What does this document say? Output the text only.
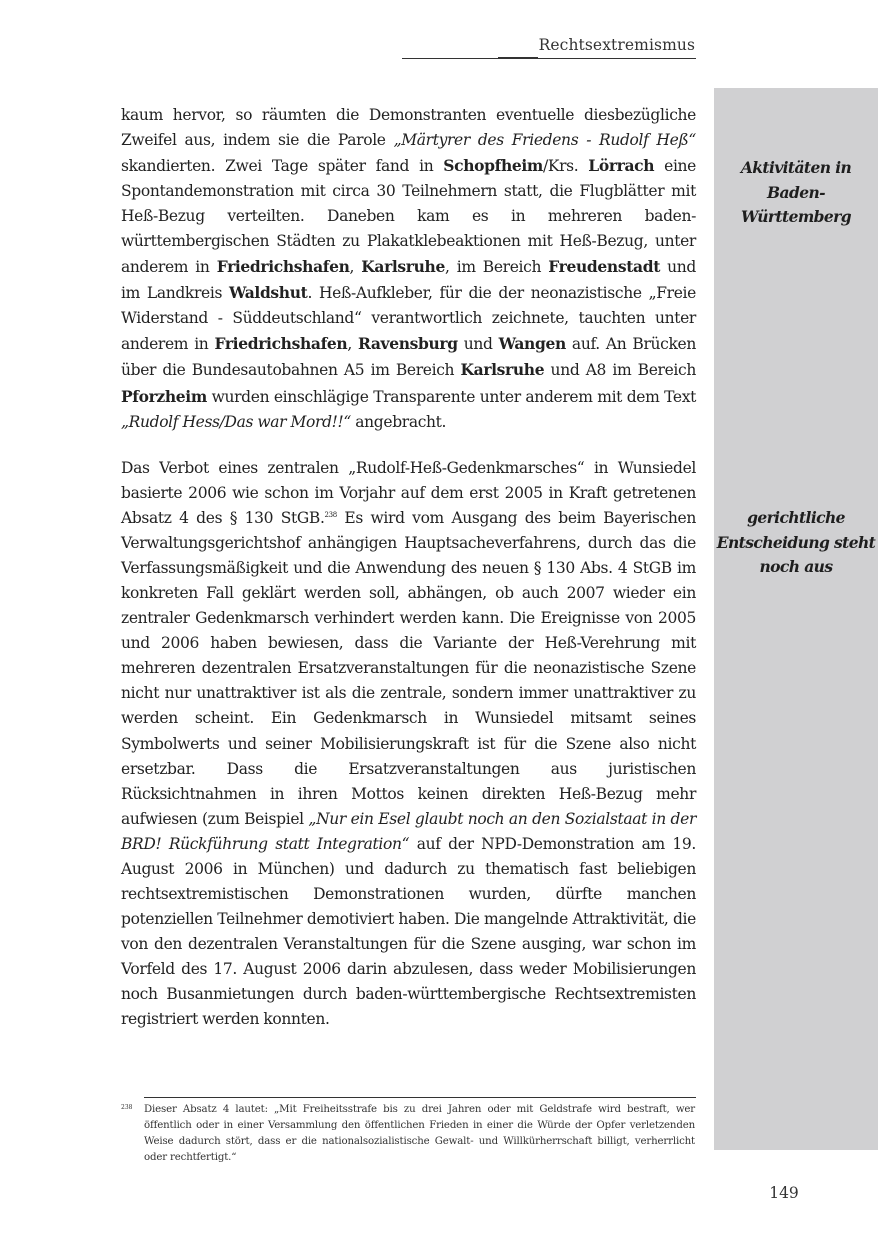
Rechtsextremismus
Aktivitäten in Baden-Württemberg
gerichtliche Entscheidung steht noch aus
kaum hervor, so räumten die Demonstranten eventuelle diesbezügliche Zweifel aus, indem sie die Parole „Märtyrer des Friedens - Rudolf Heß“ skandierten. Zwei Tage später fand in Schopfheim/Krs. Lörrach eine Spontandemonstration mit circa 30 Teilnehmern statt, die Flugblätter mit Heß-Bezug verteilten. Daneben kam es in mehreren baden-württembergischen Städten zu Plakatklebeaktionen mit Heß-Bezug, unter anderem in Friedrichshafen, Karlsruhe, im Bereich Freudenstadt und im Landkreis Waldshut. Heß-Aufkleber, für die der neonazistische „Freie Widerstand - Süddeutschland“ verantwortlich zeichnete, tauchten unter anderem in Friedrichshafen, Ravensburg und Wangen auf. An Brücken über die Bundesautobahnen A5 im Bereich Karlsruhe und A8 im Bereich Pforzheim wurden einschlägige Transparente unter anderem mit dem Text „Rudolf Hess/Das war Mord!!“ angebracht.
Das Verbot eines zentralen „Rudolf-Heß-Gedenkmarsches“ in Wunsiedel basierte 2006 wie schon im Vorjahr auf dem erst 2005 in Kraft getretenen Absatz 4 des § 130 StGB.$^{238}$ Es wird vom Ausgang des beim Bayerischen Verwaltungsgerichtshof anhängigen Hauptsacheverfahrens, durch das die Verfassungsmäßigkeit und die Anwendung des neuen § 130 Abs. 4 StGB im konkreten Fall geklärt werden soll, abhängen, ob auch 2007 wieder ein zentraler Gedenkmarsch verhindert werden kann. Die Ereignisse von 2005 und 2006 haben bewiesen, dass die Variante der Heß-Verehrung mit mehreren dezentralen Ersatzveranstaltungen für die neonazistische Szene nicht nur unattraktiver ist als die zentrale, sondern immer unattraktiver zu werden scheint. Ein Gedenkmarsch in Wunsiedel mitsamt seines Symbolwerts und seiner Mobilisierungskraft ist für die Szene also nicht ersetzbar. Dass die Ersatzveranstaltungen aus juristischen Rücksichtnahmen in ihren Mottos keinen direkten Heß-Bezug mehr aufwiesen (zum Beispiel „Nur ein Esel glaubt noch an den Sozialstaat in der BRD! Rückführung statt Integration“ auf der NPD-Demonstration am 19. August 2006 in München) und dadurch zu thematisch fast beliebigen rechtsextremistischen Demonstrationen wurden, dürfte manchen potenziellen Teilnehmer demotiviert haben. Die mangelnde Attraktivität, die von den dezentralen Veranstaltungen für die Szene ausging, war schon im Vorfeld des 17. August 2006 darin abzulesen, dass weder Mobilisierungen noch Busanmietungen durch baden-württembergische Rechtsextremisten registriert werden konnten.
238 Dieser Absatz 4 lautet: „Mit Freiheitsstrafe bis zu drei Jahren oder mit Geldstrafe wird bestraft, wer öffentlich oder in einer Versammlung den öffentlichen Frieden in einer die Würde der Opfer verletzenden Weise dadurch stört, dass er die nationalsozialistische Gewalt- und Willkürherrschaft billigt, verherrlicht oder rechtfertigt.“
149
